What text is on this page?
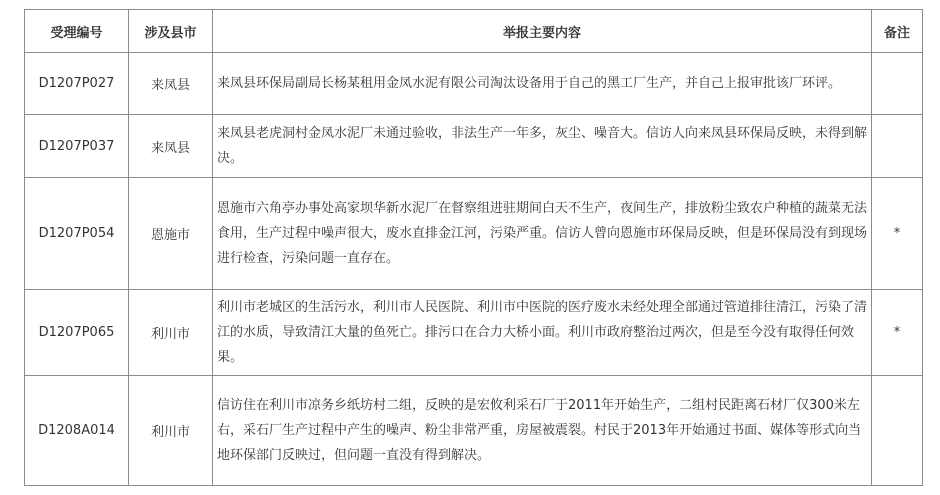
受理编号	涉及县市	举报主要内容	备注
D1207P027	来凤县	来凤县环保局副局长杨某租用金凤水泥有限公司淘汰设备用于自己的黑工厂生产，并自己上报审批该厂环评。	
D1207P037	来凤县	来凤县老虎洞村金凤水泥厂未通过验收，非法生产一年多，灰尘、噪音大。信访人向来凤县环保局反映，未得到解决。	
D1207P054	恩施市	恩施市六角亭办事处高家坝华新水泥厂在督察组进驻期间白天不生产，夜间生产，排放粉尘致农户种植的蔬菜无法食用，生产过程中噪声很大，废水直排金江河，污染严重。信访人曾向恩施市环保局反映，但是环保局没有到现场进行检查，污染问题一直存在。	*
D1207P065	利川市	利川市老城区的生活污水，利川市人民医院、利川市中医院的医疗废水未经处理全部通过管道排往清江，污染了清江的水质，导致清江大量的鱼死亡。排污口在合力大桥小面。利川市政府整治过两次，但是至今没有取得任何效果。	*
D1208A014	利川市	信访住在利川市凉务乡纸坊村二组，反映的是宏攸利采石厂于2011年开始生产，二组村民距离石材厂仅300米左右，采石厂生产过程中产生的噪声、粉尘非常严重，房屋被震裂。村民于2013年开始通过书面、媒体等形式向当地环保部门反映过，但问题一直没有得到解决。	
